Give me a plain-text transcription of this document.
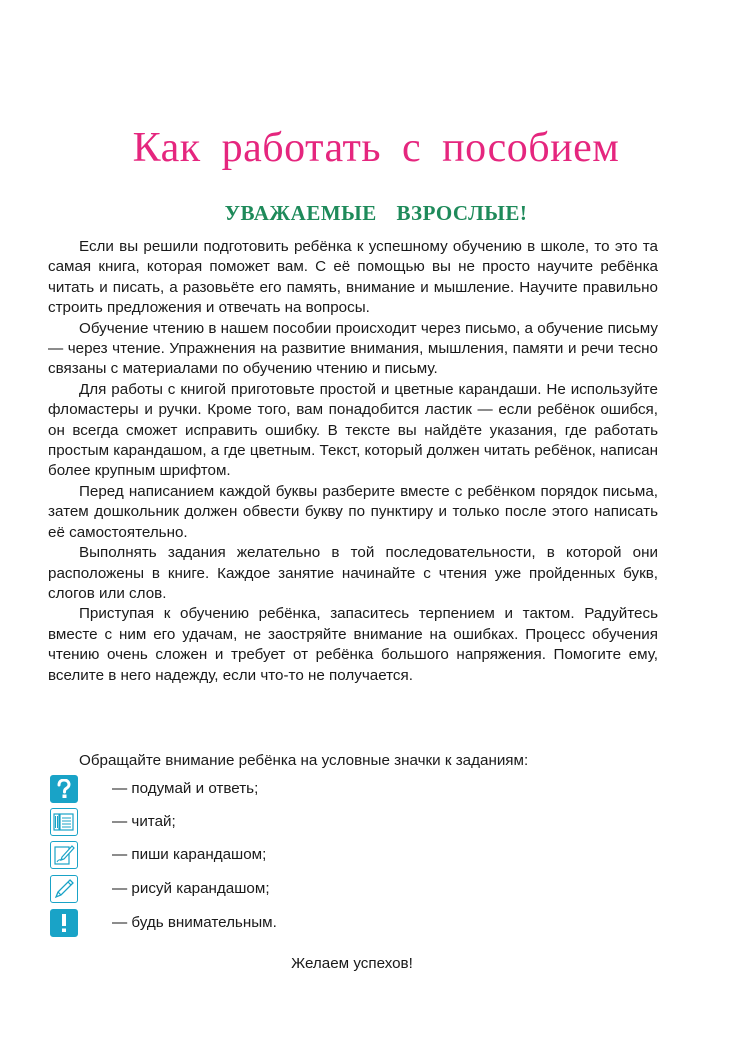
Как работать с пособием
УВАЖАЕМЫЕ ВЗРОСЛЫЕ!

Если вы решили подготовить ребёнка к успешному обучению в школе, то это та самая книга, которая поможет вам. С её помощью вы не просто научите ребёнка читать и писать, а разовьёте его память, внимание и мышление. Научите правильно строить предложения и отвечать на вопросы.

Обучение чтению в нашем пособии происходит через письмо, а обучение письму — через чтение. Упражнения на развитие внимания, мышления, памяти и речи тесно связаны с материалами по обучению чтению и письму.

Для работы с книгой приготовьте простой и цветные карандаши. Не используйте фломастеры и ручки. Кроме того, вам понадобится ластик — если ребёнок ошибся, он всегда сможет исправить ошибку. В тексте вы найдёте указания, где работать простым карандашом, а где цветным. Текст, который должен читать ребёнок, написан более крупным шрифтом.

Перед написанием каждой буквы разберите вместе с ребёнком порядок письма, затем дошкольник должен обвести букву по пунктиру и только после этого написать её самостоятельно.

Выполнять задания желательно в той последовательности, в которой они расположены в книге. Каждое занятие начинайте с чтения уже пройденных букв, слогов или слов.

Приступая к обучению ребёнка, запаситесь терпением и тактом. Радуйтесь вместе с ним его удачам, не заостряйте внимание на ошибках. Процесс обучения чтению очень сложен и требует от ребёнка большого напряжения. Помогите ему, вселите в него надежду, если что-то не получается.

Обращайте внимание ребёнка на условные значки к заданиям:

— подумай и ответь;
— читай;
— пиши карандашом;
— рисуй карандашом;
— будь внимательным.

Желаем успехов!
